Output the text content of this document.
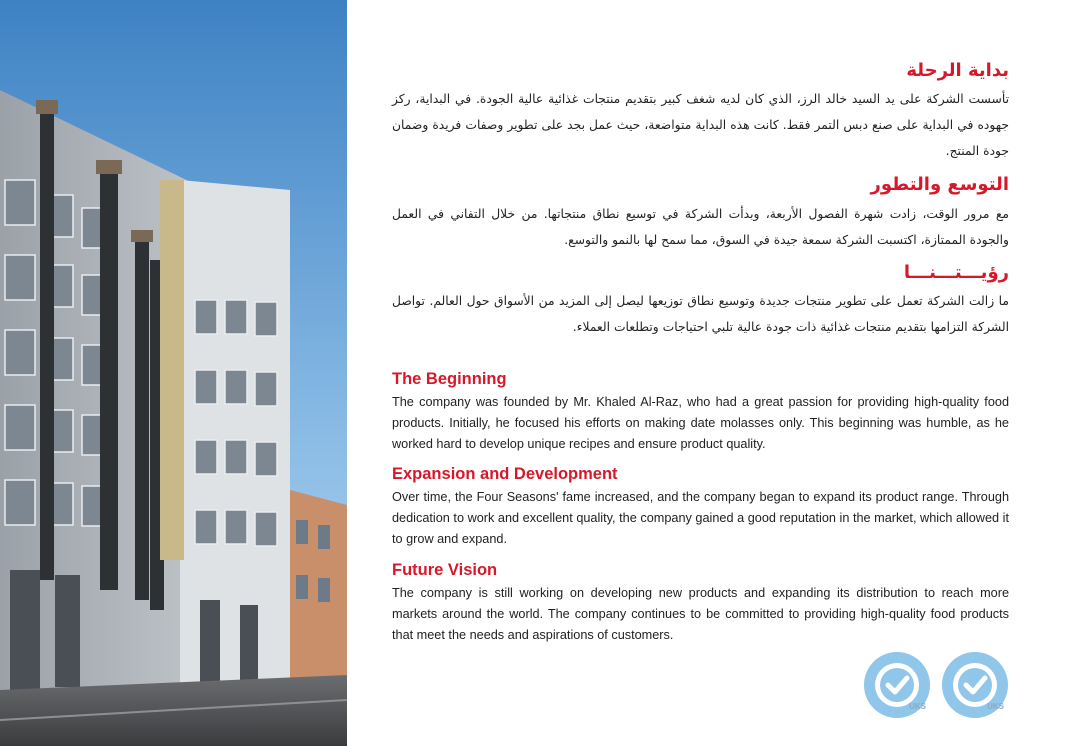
بداية الرحلة
تأسست الشركة على يد السيد خالد الرز، الذي كان لديه شغف كبير بتقديم منتجات غذائية عالية الجودة. في البداية، ركز جهوده في البداية على صنع دبس التمر فقط. كانت هذه البداية متواضعة، حيث عمل بجد على تطوير وصفات فريدة وضمان جودة المنتج.
التوسع والتطور
مع مرور الوقت، زادت شهرة الفصول الأربعة، وبدأت الشركة في توسيع نطاق منتجاتها. من خلال التفاني في العمل والجودة الممتازة، اكتسبت الشركة سمعة جيدة في السوق، مما سمح لها بالنمو والتوسع.
رؤيـــتـــنـــا
ما زالت الشركة تعمل على تطوير منتجات جديدة وتوسيع نطاق توزيعها ليصل إلى المزيد من الأسواق حول العالم. تواصل الشركة التزامها بتقديم منتجات غذائية ذات جودة عالية تلبي احتياجات وتطلعات العملاء.
The Beginning
The company was founded by Mr. Khaled Al-Raz, who had a great passion for providing high-quality food products. Initially, he focused his efforts on making date molasses only. This beginning was humble, as he worked hard to develop unique recipes and ensure product quality.
Expansion and Development
Over time, the Four Seasons' fame increased, and the company began to expand its product range. Through dedication to work and excellent quality, the company gained a good reputation in the market, which allowed it to grow and expand.
Future Vision
The company is still working on developing new products and expanding its distribution to reach more markets around the world. The company continues to be committed to providing high-quality food products that meet the needs and aspirations of customers.
UKS	UKS
